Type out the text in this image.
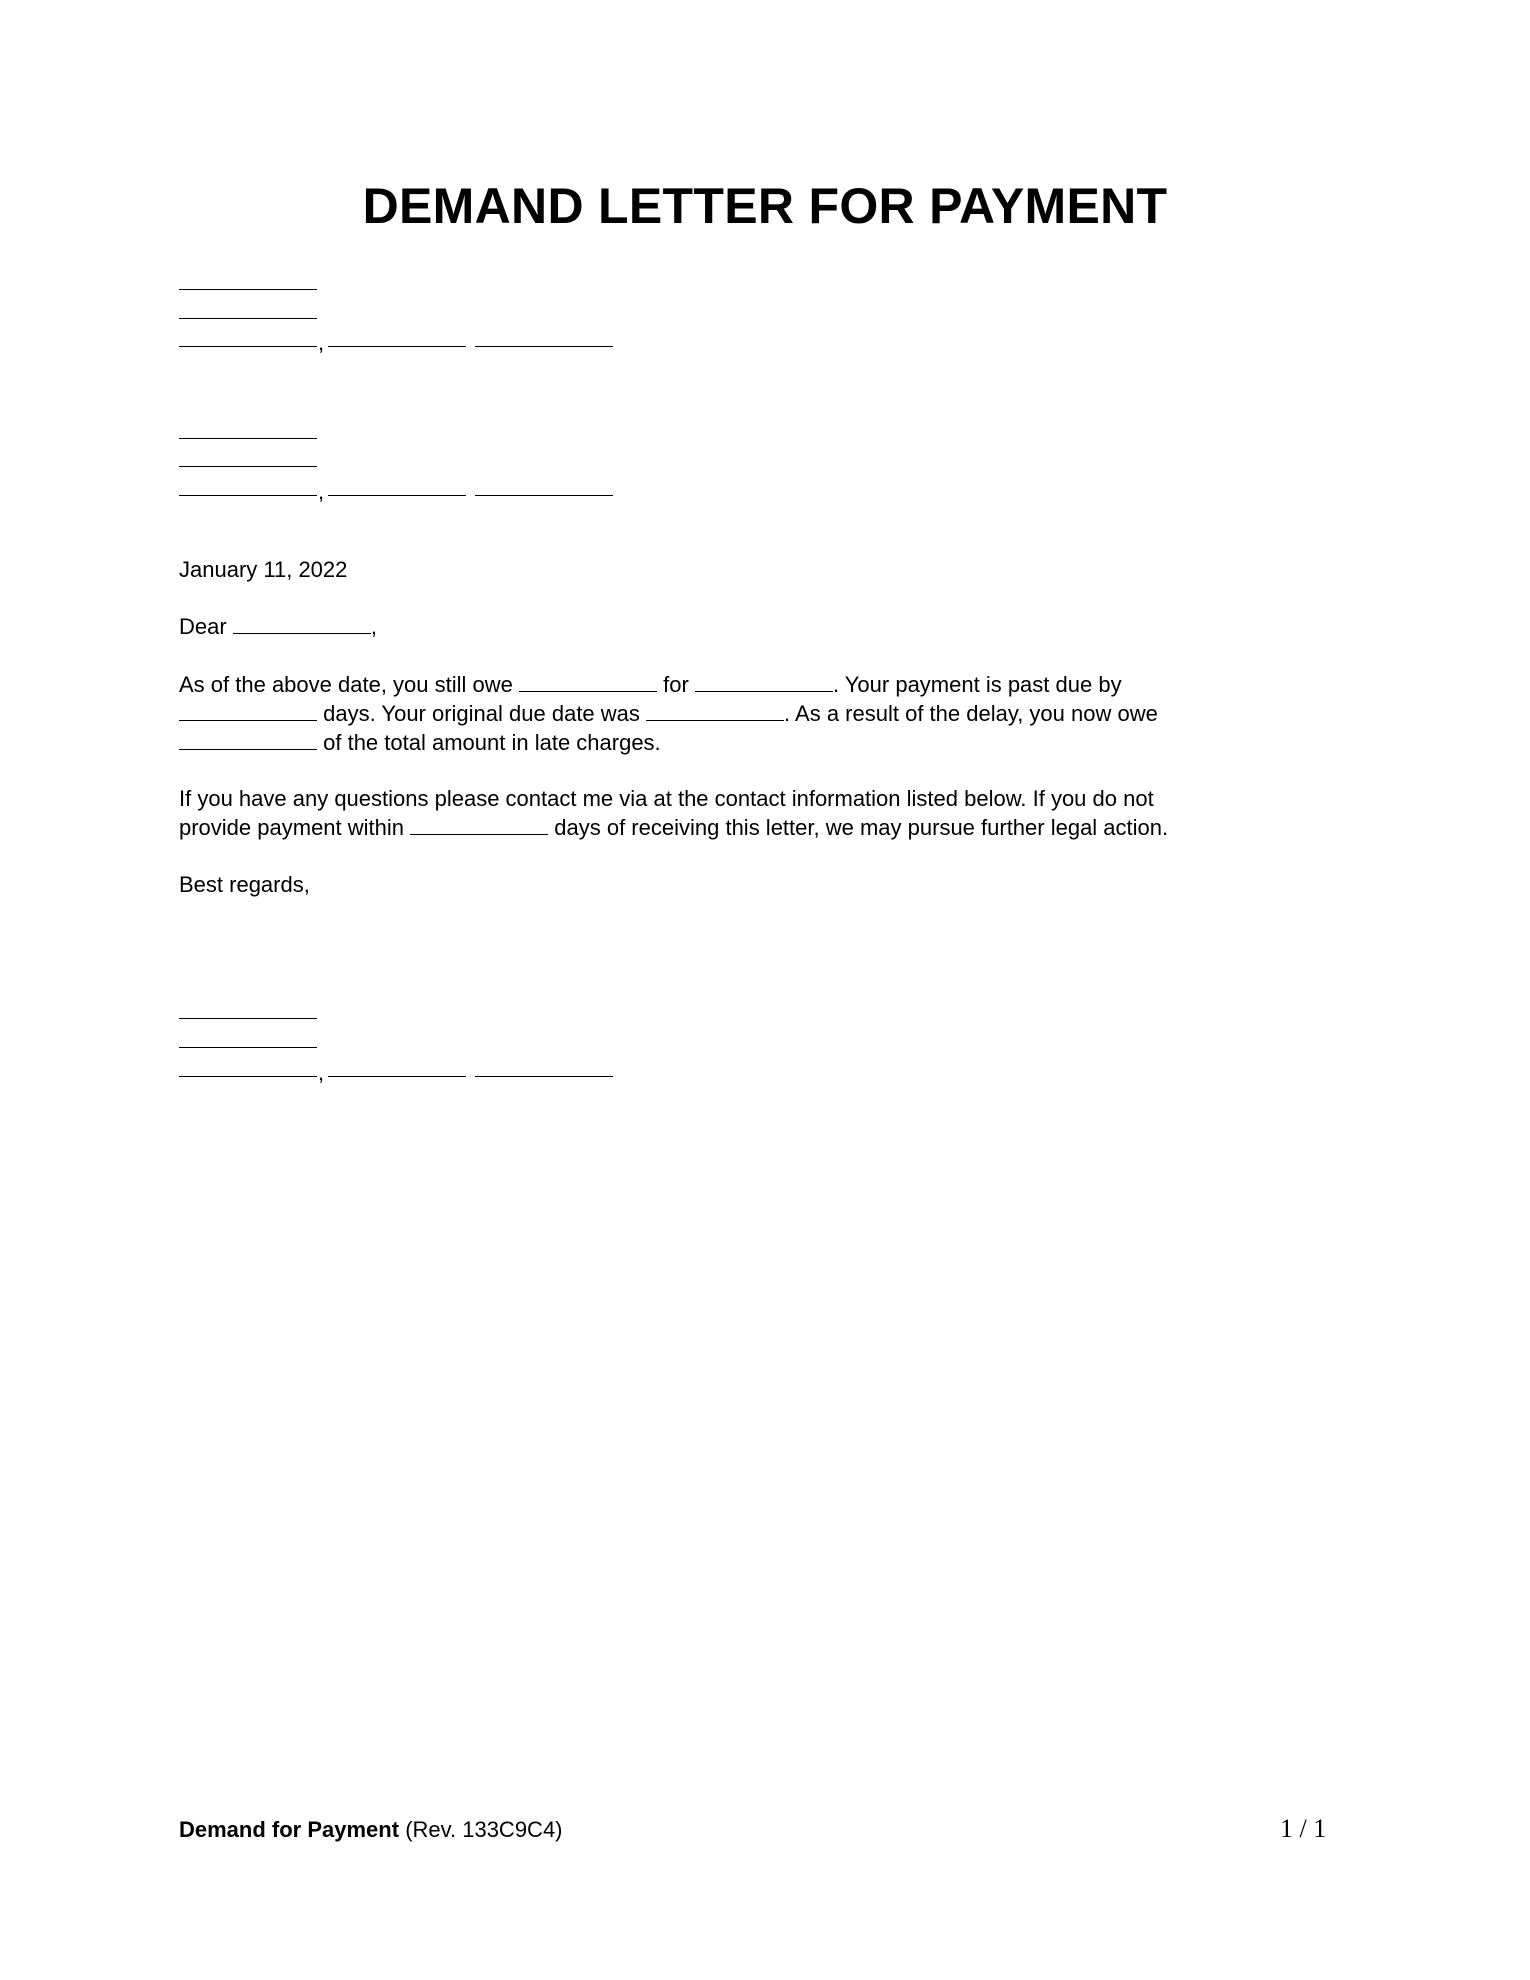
DEMAND LETTER FOR PAYMENT
,
,
January 11, 2022
Dear	,
As of the above date, you still owe	for	. Your payment is past due by
days. Your original due date was	. As a result of the delay, you now owe
of the total amount in late charges.
If you have any questions please contact me via at the contact information listed below. If you do not
provide payment within	days of receiving this letter, we may pursue further legal action.
Best regards,
,
Demand for Payment (Rev. 133C9C4)	1 / 1
